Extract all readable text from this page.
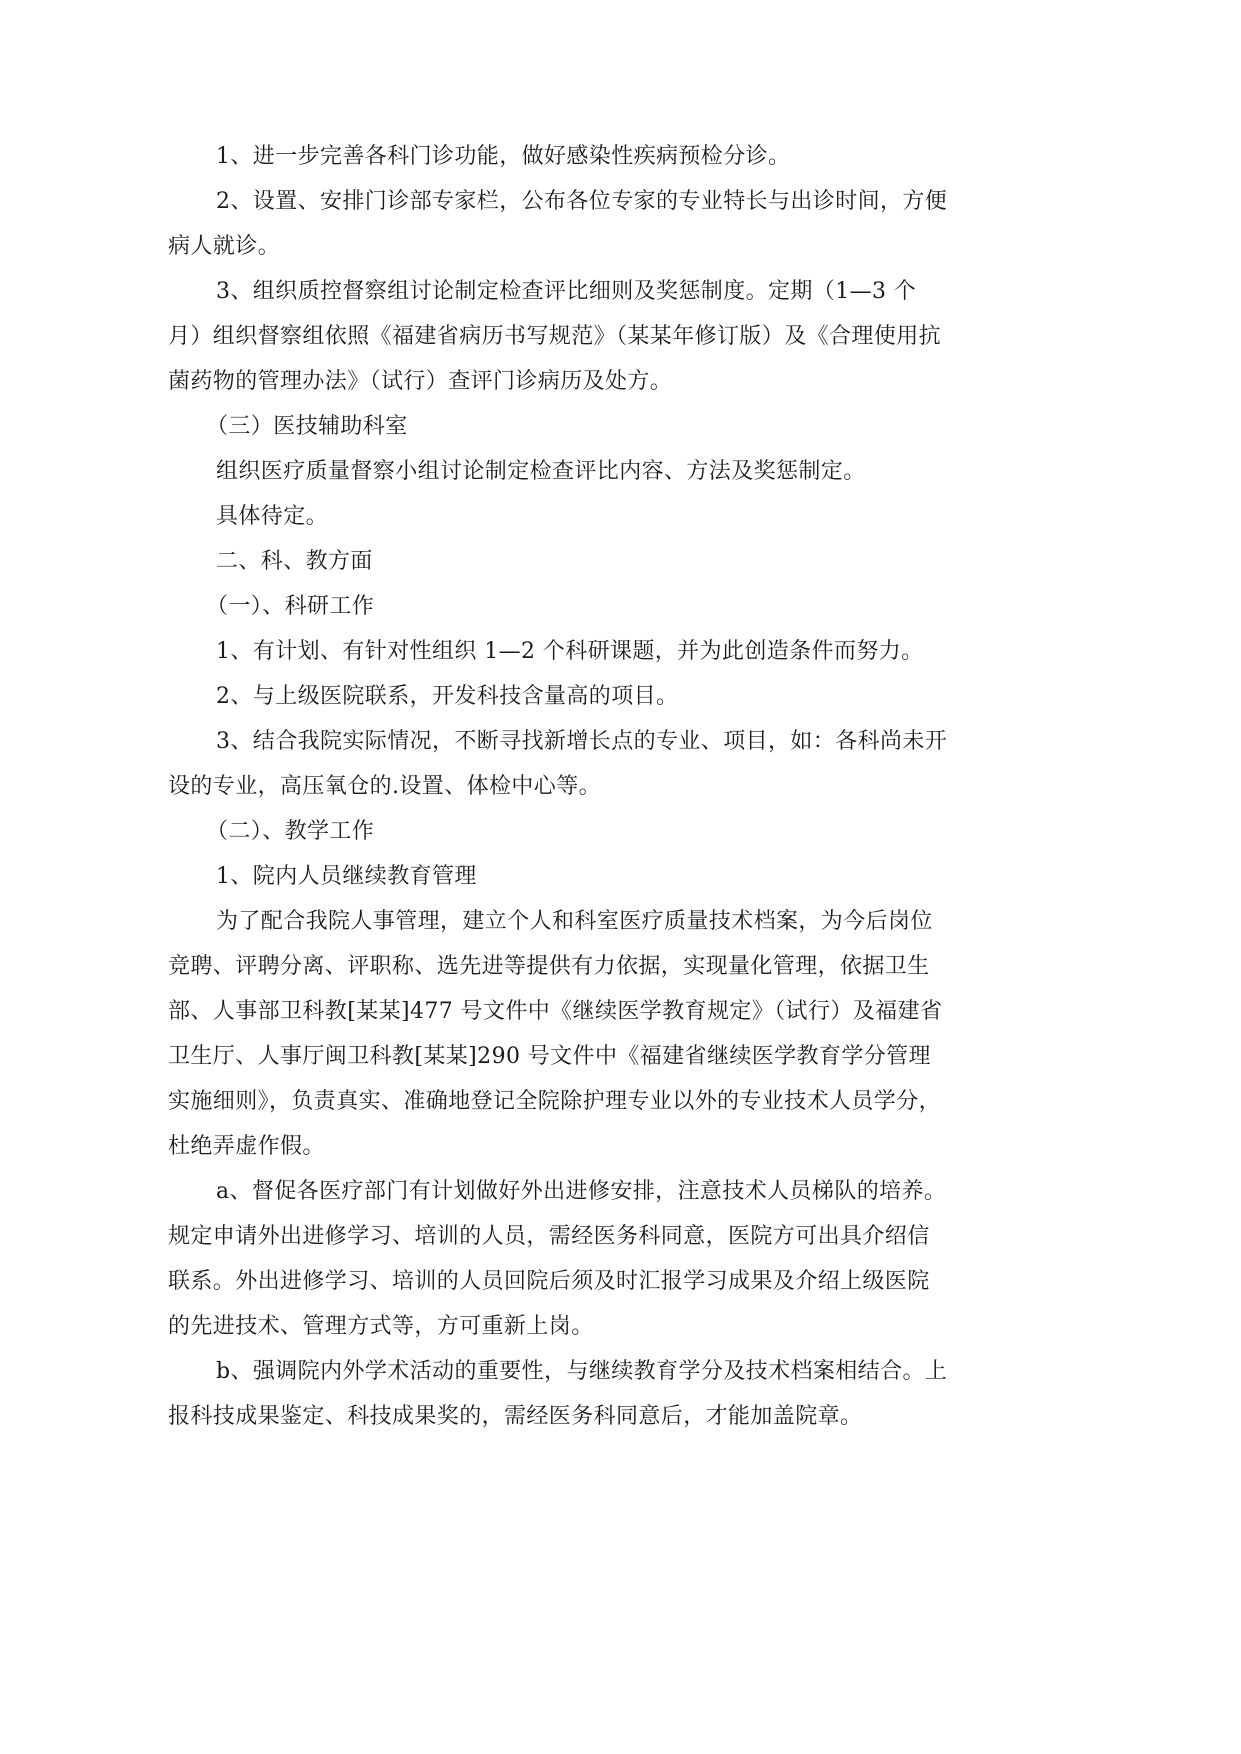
1、进一步完善各科门诊功能，做好感染性疾病预检分诊。
2、设置、安排门诊部专家栏，公布各位专家的专业特长与出诊时间，方便
病人就诊。
3、组织质控督察组讨论制定检查评比细则及奖惩制度。定期（1—3 个
月）组织督察组依照《福建省病历书写规范》（某某年修订版）及《合理使用抗
菌药物的管理办法》（试行）查评门诊病历及处方。
（三）医技辅助科室
组织医疗质量督察小组讨论制定检查评比内容、方法及奖惩制定。
具体待定。
二、科、教方面
（一）、科研工作
1、有计划、有针对性组织 1—2 个科研课题，并为此创造条件而努力。
2、与上级医院联系，开发科技含量高的项目。
3、结合我院实际情况，不断寻找新增长点的专业、项目，如：各科尚未开
设的专业，高压氧仓的.设置、体检中心等。
（二）、教学工作
1、院内人员继续教育管理
为了配合我院人事管理，建立个人和科室医疗质量技术档案，为今后岗位
竞聘、评聘分离、评职称、选先进等提供有力依据，实现量化管理，依据卫生
部、人事部卫科教[某某]477 号文件中《继续医学教育规定》（试行）及福建省
卫生厅、人事厅闽卫科教[某某]290 号文件中《福建省继续医学教育学分管理
实施细则》，负责真实、准确地登记全院除护理专业以外的专业技术人员学分，
杜绝弄虚作假。
a、督促各医疗部门有计划做好外出进修安排，注意技术人员梯队的培养。
规定申请外出进修学习、培训的人员，需经医务科同意，医院方可出具介绍信
联系。外出进修学习、培训的人员回院后须及时汇报学习成果及介绍上级医院
的先进技术、管理方式等，方可重新上岗。
b、强调院内外学术活动的重要性，与继续教育学分及技术档案相结合。上
报科技成果鉴定、科技成果奖的，需经医务科同意后，才能加盖院章。
